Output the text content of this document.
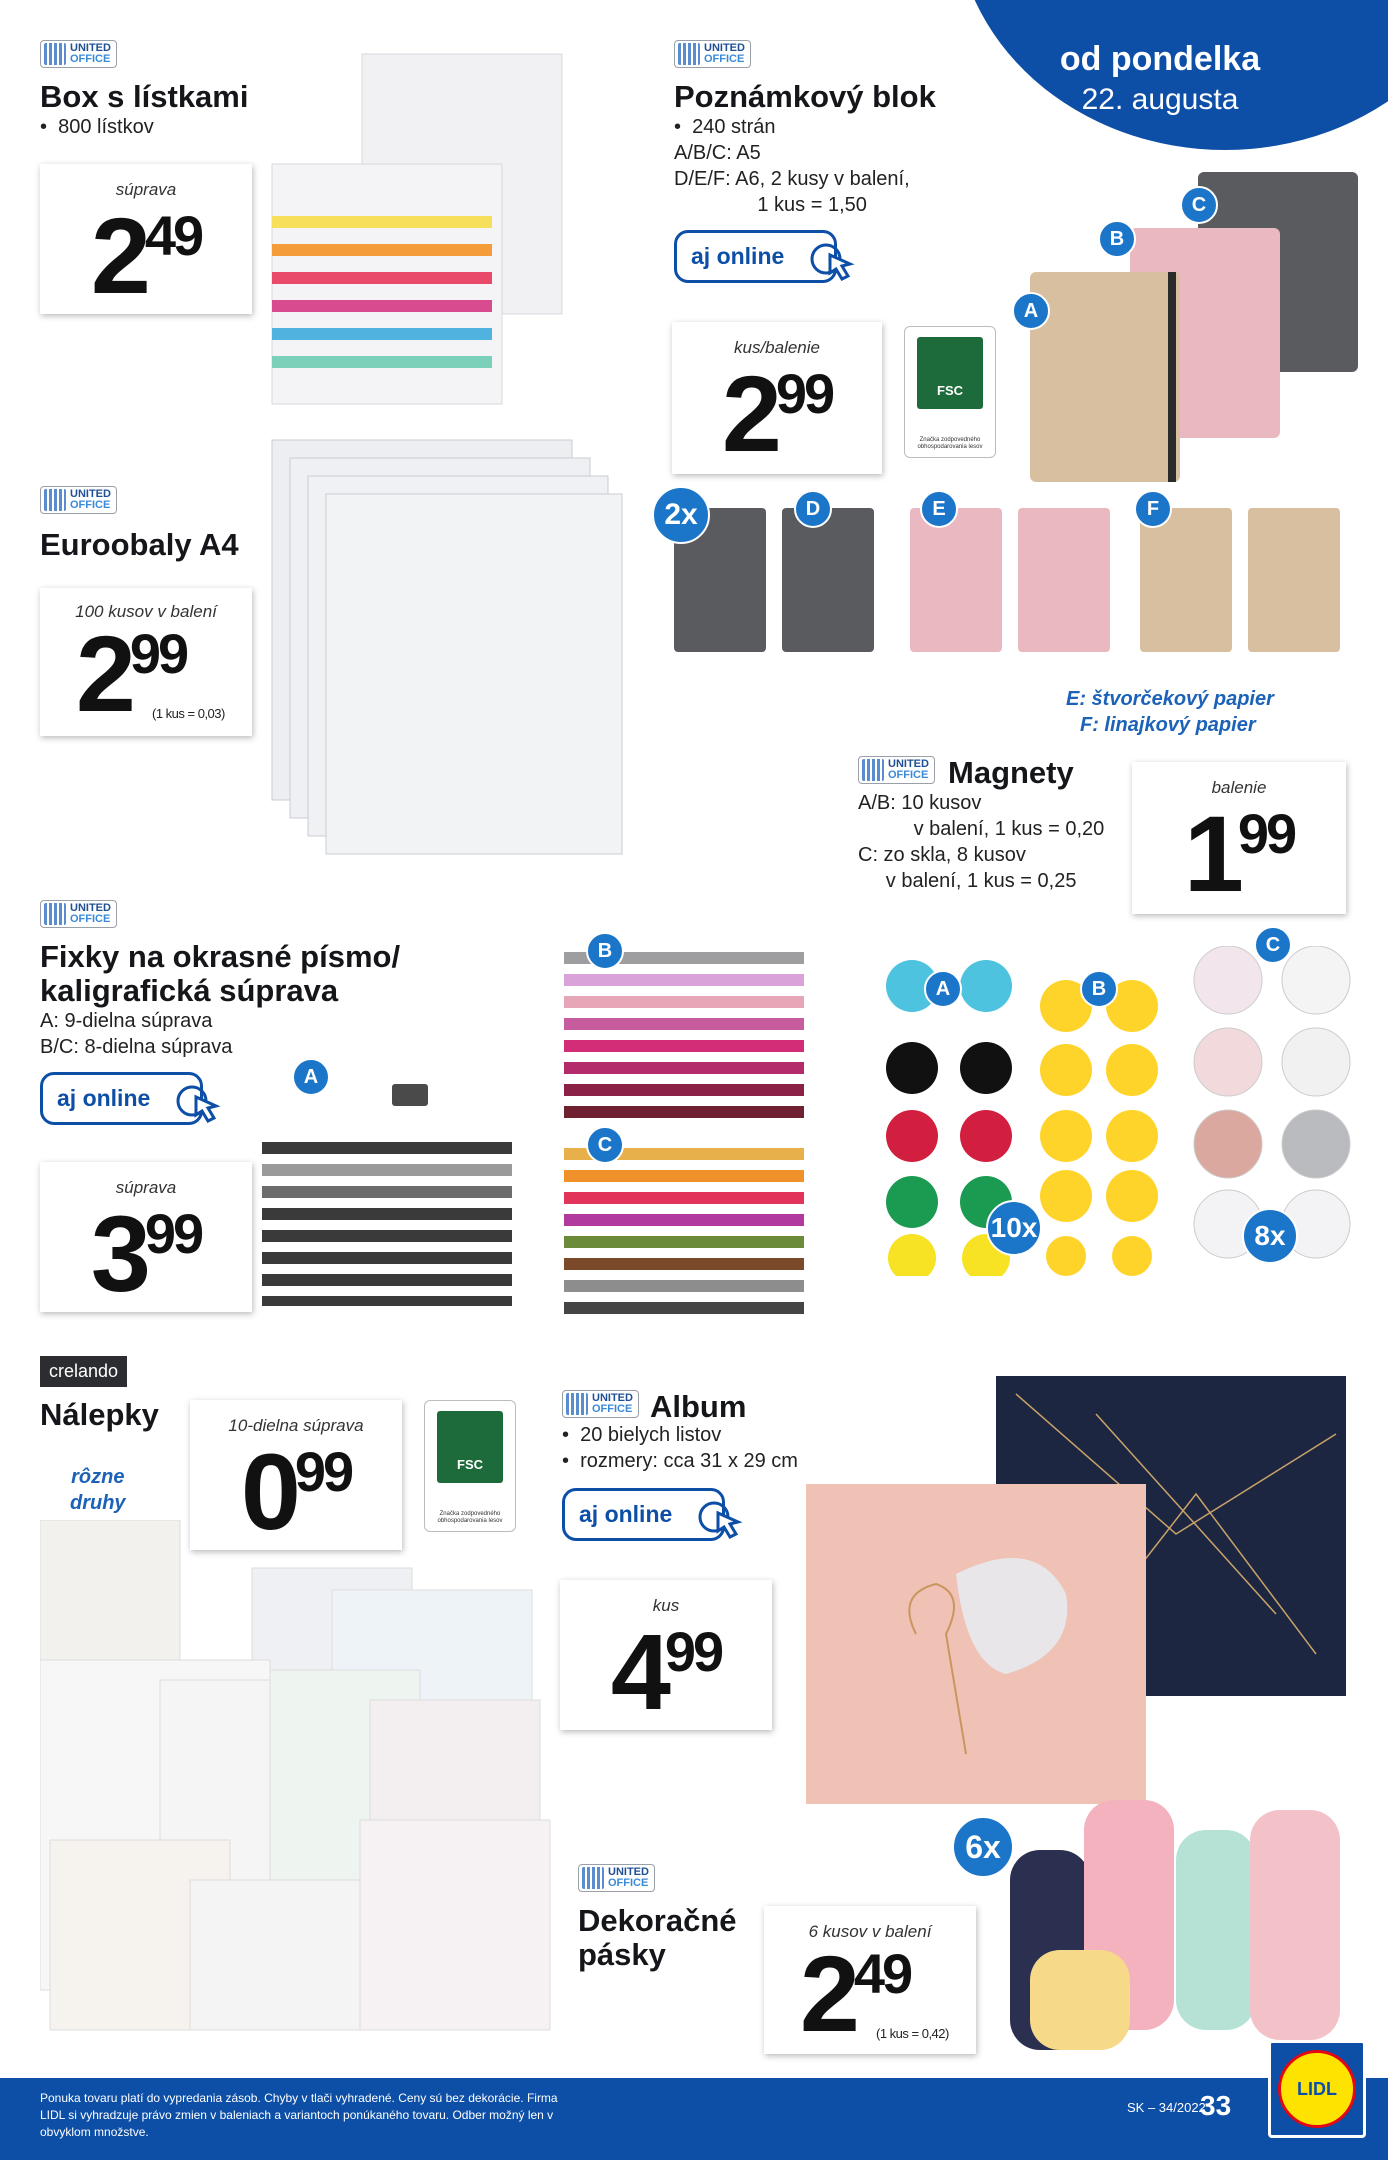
od pondelka
22. augusta
UNITED
OFFICE
Box s lístkami
•  800 lístkov
súprava
249
UNITED
OFFICE
Euroobaly A4
100 kusov v balení
299
(1 kus = 0,03)
UNITED
OFFICE
Poznámkový blok
•  240 strán
A/B/C: A5
D/E/F: A6, 2 kusy v balení,
1 kus = 1,50
aj online
kus/balenie
299	FSC
Značka zodpovedného obhospodarovania lesov
A
B
C
2x	D	E	F
E: štvorčekový papier
F: linajkový papier
UNITED
OFFICE Magnety
A/B: 10 kusov
v balení, 1 kus = 0,20
C: zo skla, 8 kusov
v balení, 1 kus = 0,25
balenie
199
A	B
C
10x	8x
UNITED
OFFICE
Fixky na okrasné písmo/
kaligrafická súprava
A: 9-dielna súprava
B/C: 8-dielna súprava
aj online
súprava
399
A
B
C
crelando
Nálepky
rôzne
druhy
10-dielna súprava
099	FSC
Značka zodpovedného obhospodarovania lesov
UNITED
OFFICE Album
•  20 bielych listov
•  rozmery: cca 31 x 29 cm
aj online
kus
499
UNITED
OFFICE
Dekoračné
pásky
6 kusov v balení
249
(1 kus = 0,42)
6x
Ponuka tovaru platí do vypredania zásob. Chyby v tlači vyhradené. Ceny sú bez dekorácie. Firma LIDL si vyhradzuje právo zmien v baleniach a variantoch ponúkaného tovaru. Odber možný len v obvyklom množstve.
SK – 34/2022
33
LIDL
